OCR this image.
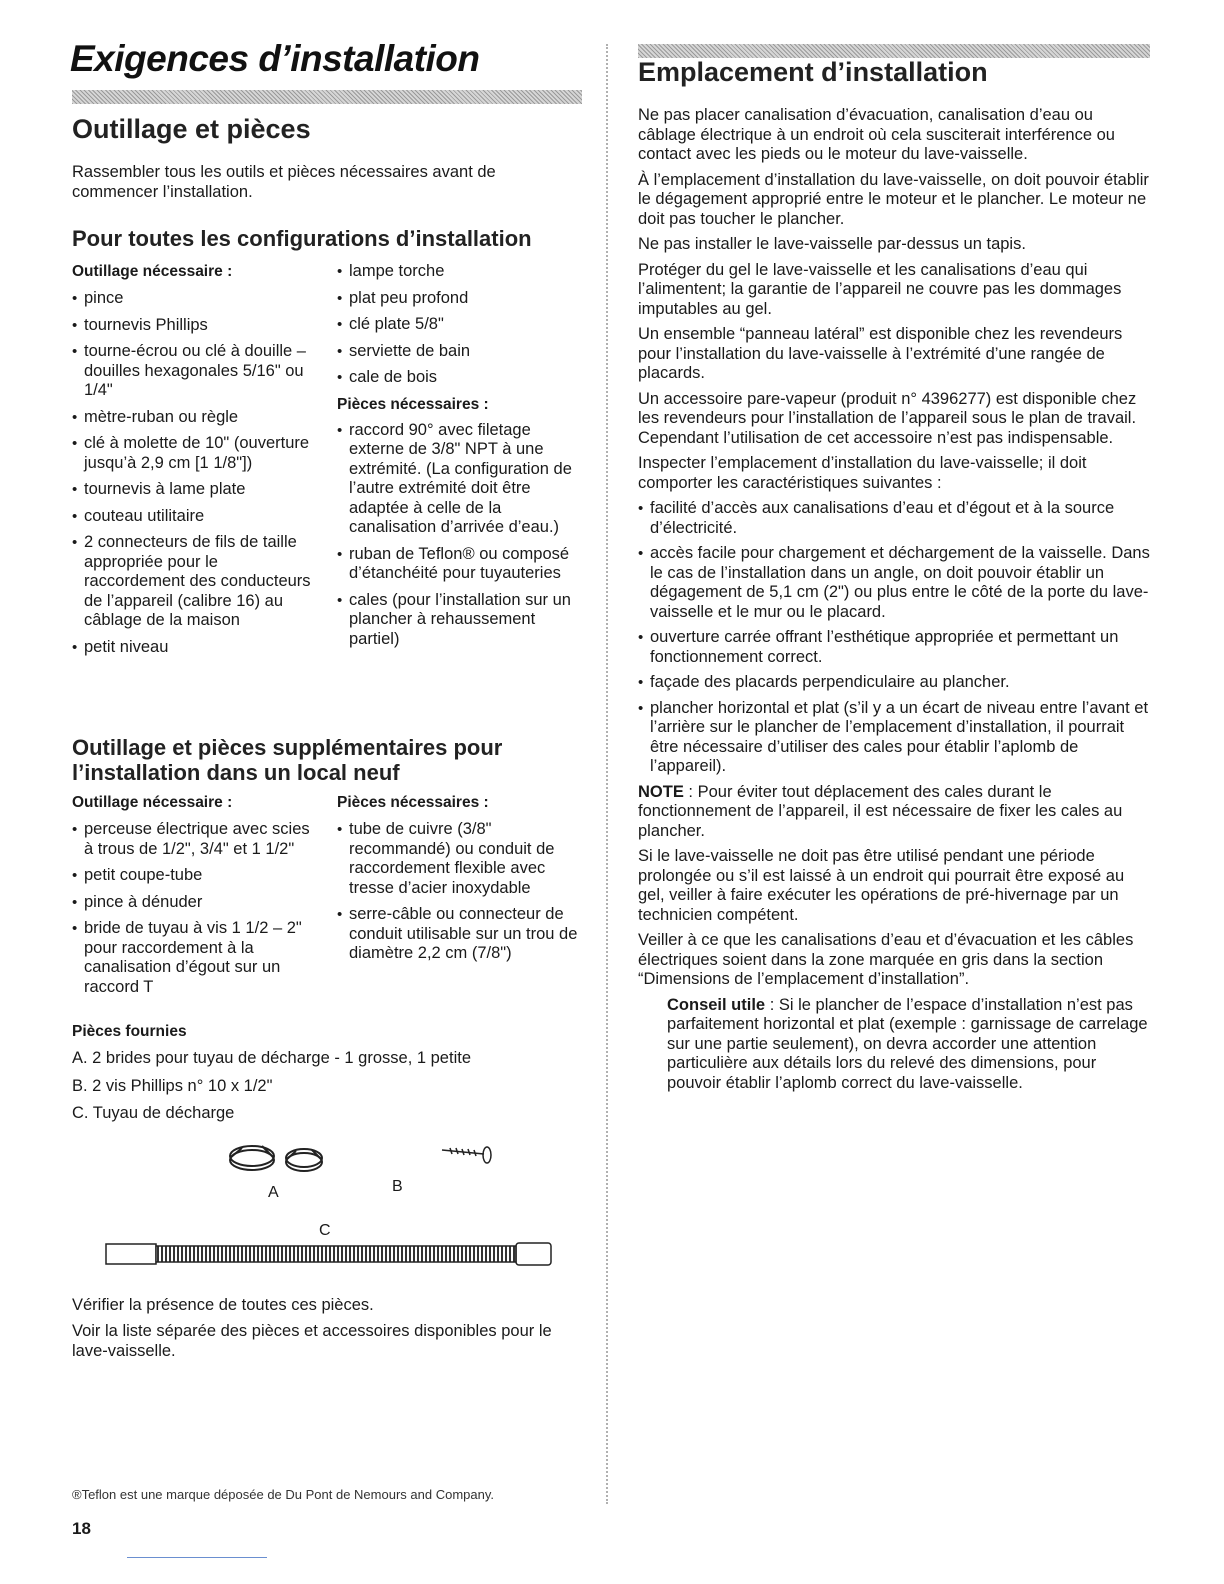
Exigences d’installation
Outillage et pièces

Rassembler tous les outils et pièces nécessaires avant de commencer l’installation.

Pour toutes les configurations d’installation

Outillage nécessaire :

• pince
• tournevis Phillips
• tourne-écrou ou clé à douille – douilles hexagonales 5/16" ou 1/4"
• mètre-ruban ou règle
• clé à molette de 10" (ouverture jusqu’à 2,9 cm [1 1/8"])
• tournevis à lame plate
• couteau utilitaire
• 2 connecteurs de fils de taille appropriée pour le raccordement des conducteurs de l’appareil (calibre 16) au câblage de la maison
• petit niveau
• lampe torche
• plat peu profond
• clé plate 5/8"
• serviette de bain
• cale de bois

Pièces nécessaires :

• raccord 90° avec filetage externe de 3/8" NPT à une extrémité. (La configuration de l’autre extrémité doit être adaptée à celle de la canalisation d’arrivée d’eau.)
• ruban de Teflon® ou composé d’étanchéité pour tuyauteries
• cales (pour l’installation sur un plancher à rehaussement partiel)
Outillage et pièces supplémentaires pour l’installation dans un local neuf

Outillage nécessaire :

• perceuse électrique avec scies à trous de 1/2", 3/4" et 1 1/2"
• petit coupe-tube
• pince à dénuder
• bride de tuyau à vis 1 1/2 – 2" pour raccordement à la canalisation d’égout sur un raccord T

Pièces nécessaires :

• tube de cuivre (3/8" recommandé) ou conduit de raccordement flexible avec tresse d’acier inoxydable
• serre-câble ou connecteur de conduit utilisable sur un trou de diamètre 2,2 cm (7/8")

Pièces fournies

A. 2 brides pour tuyau de décharge - 1 grosse, 1 petite

B. 2 vis Phillips n° 10 x 1/2"

C. Tuyau de décharge

A	B
C

Vérifier la présence de toutes ces pièces.

Voir la liste séparée des pièces et accessoires disponibles pour le lave-vaisselle.

®Teflon est une marque déposée de Du Pont de Nemours and Company.
18
Emplacement d’installation

Ne pas placer canalisation d’évacuation, canalisation d’eau ou câblage électrique à un endroit où cela susciterait interférence ou contact avec les pieds ou le moteur du lave-vaisselle.

À l’emplacement d’installation du lave-vaisselle, on doit pouvoir établir le dégagement approprié entre le moteur et le plancher. Le moteur ne doit pas toucher le plancher.

Ne pas installer le lave-vaisselle par-dessus un tapis.

Protéger du gel le lave-vaisselle et les canalisations d’eau qui l’alimentent; la garantie de l’appareil ne couvre pas les dommages imputables au gel.

Un ensemble “panneau latéral” est disponible chez les revendeurs pour l’installation du lave-vaisselle à l’extrémité d’une rangée de placards.

Un accessoire pare-vapeur (produit n° 4396277) est disponible chez les revendeurs pour l’installation de l’appareil sous le plan de travail. Cependant l’utilisation de cet accessoire n’est pas indispensable.

Inspecter l’emplacement d’installation du lave-vaisselle; il doit comporter les caractéristiques suivantes :

• facilité d’accès aux canalisations d’eau et d’égout et à la source d’électricité.
• accès facile pour chargement et déchargement de la vaisselle. Dans le cas de l’installation dans un angle, on doit pouvoir établir un dégagement de 5,1 cm (2") ou plus entre le côté de la porte du lave-vaisselle et le mur ou le placard.
• ouverture carrée offrant l’esthétique appropriée et permettant un fonctionnement correct.
• façade des placards perpendiculaire au plancher.
• plancher horizontal et plat (s’il y a un écart de niveau entre l’avant et l’arrière sur le plancher de l’emplacement d’installation, il pourrait être nécessaire d’utiliser des cales pour établir l’aplomb de l’appareil).

NOTE : Pour éviter tout déplacement des cales durant le fonctionnement de l’appareil, il est nécessaire de fixer les cales au plancher.

Si le lave-vaisselle ne doit pas être utilisé pendant une période prolongée ou s’il est laissé à un endroit qui pourrait être exposé au gel, veiller à faire exécuter les opérations de pré-hivernage par un technicien compétent.

Veiller à ce que les canalisations d’eau et d’évacuation et les câbles électriques soient dans la zone marquée en gris dans la section “Dimensions de l’emplacement d’installation”.

Conseil utile : Si le plancher de l’espace d’installation n’est pas parfaitement horizontal et plat (exemple : garnissage de carrelage sur une partie seulement), on devra accorder une attention particulière aux détails lors du relevé des dimensions, pour pouvoir établir l’aplomb correct du lave-vaisselle.
